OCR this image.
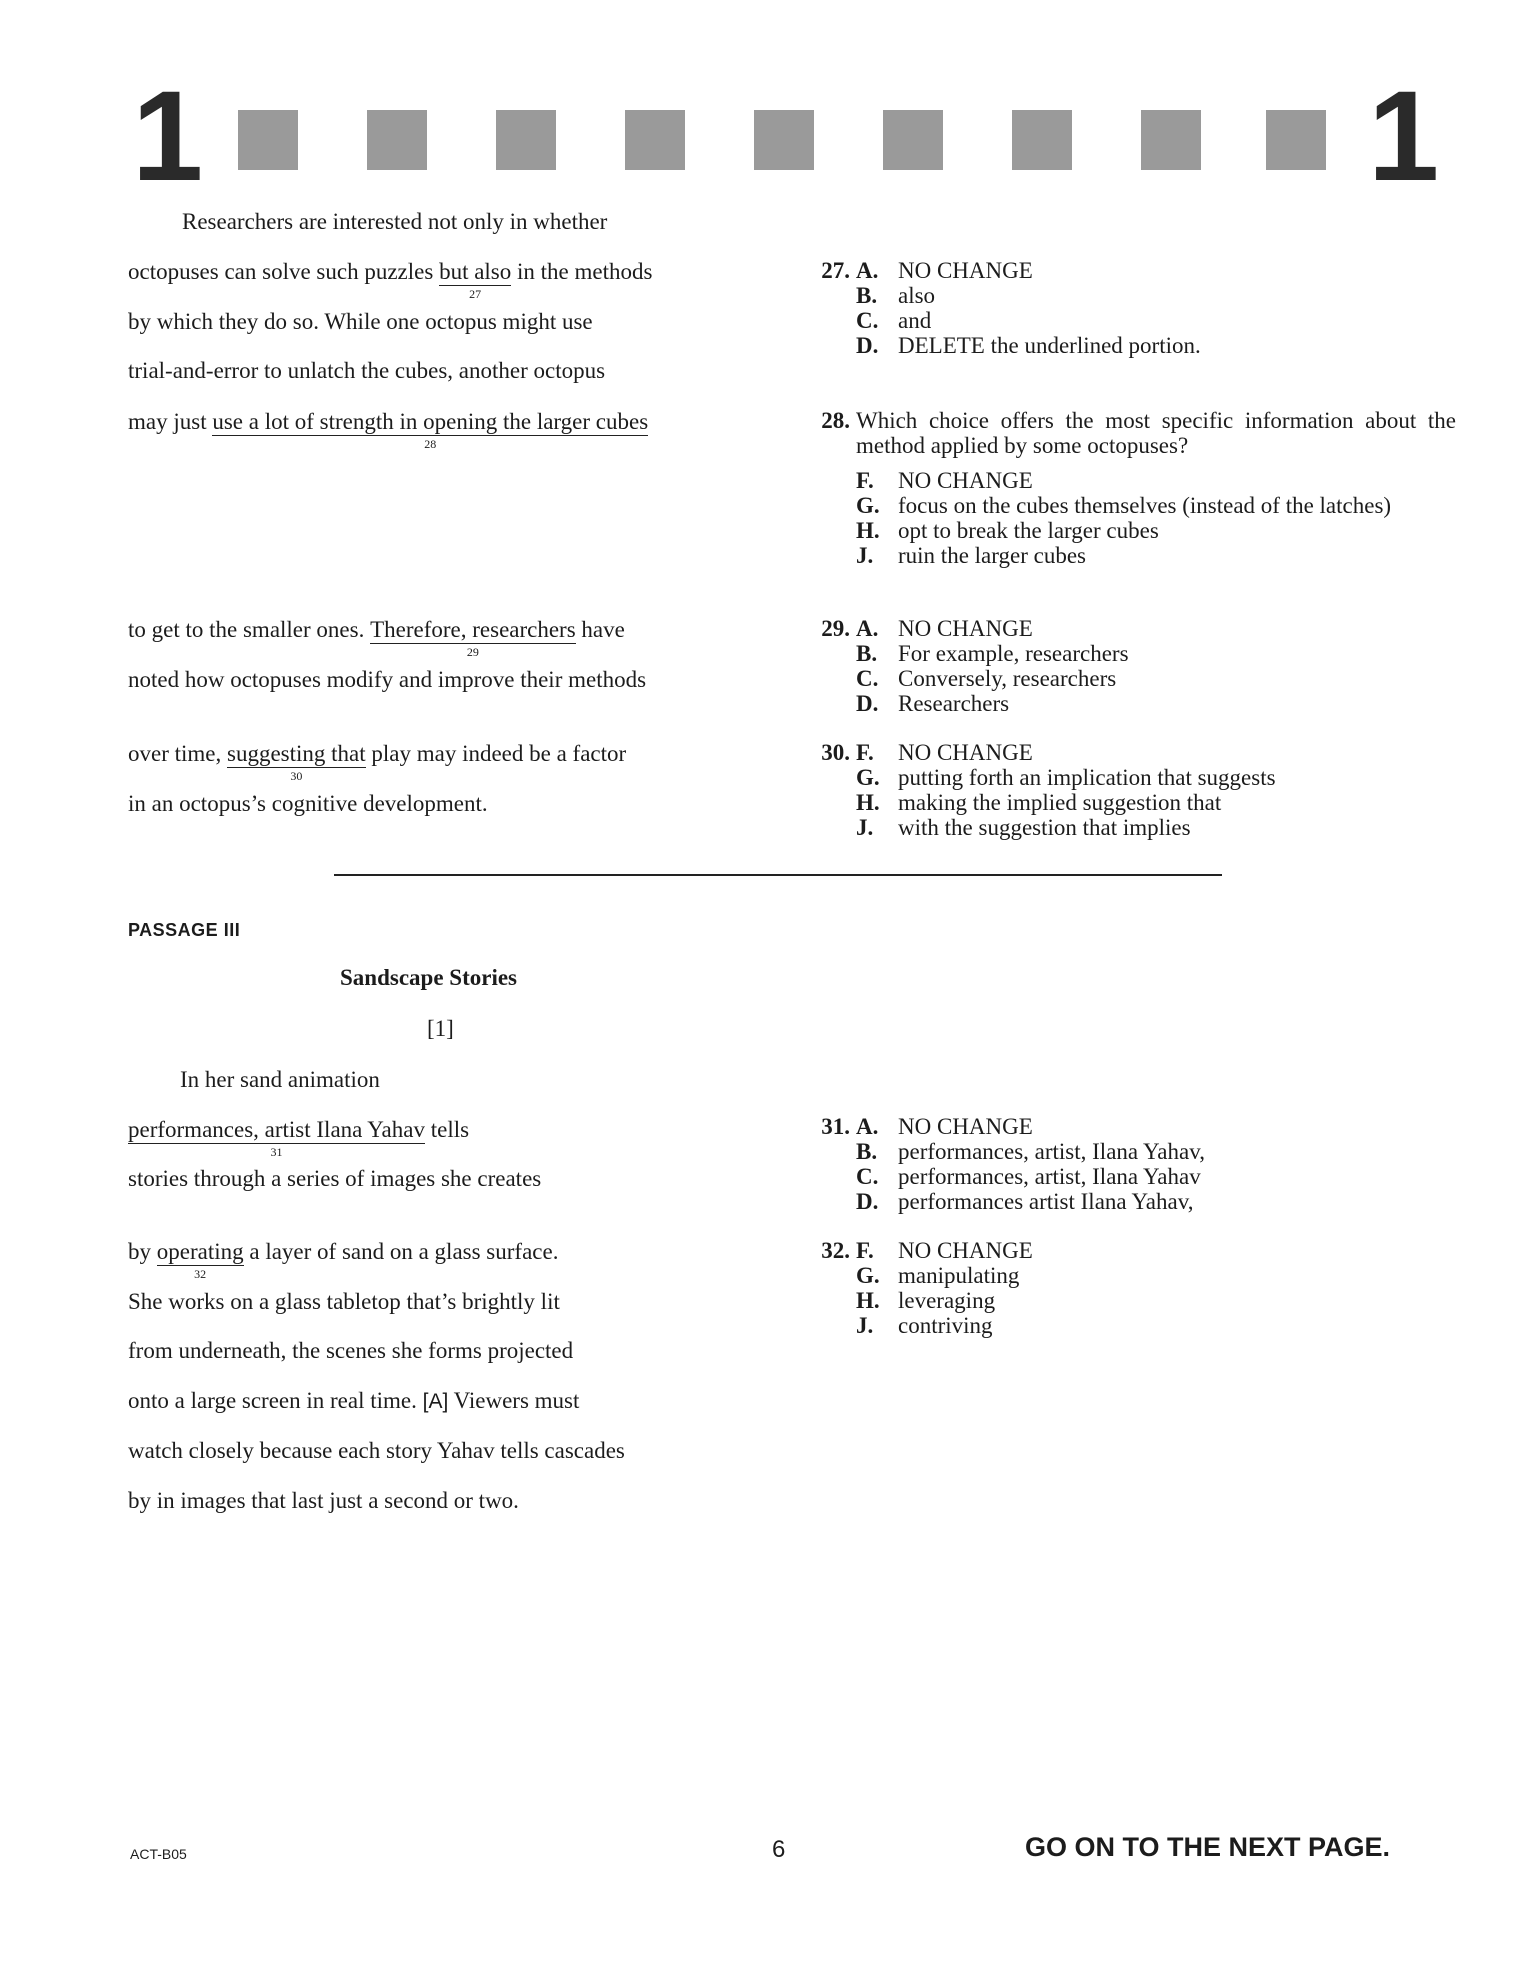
1	1
Researchers are interested not only in whether
octopuses can solve such puzzles but also
27
in the methods
by which they do so. While one octopus might use
trial-and-error to unlatch the cubes, another octopus
may just use a lot of strength in opening the larger cubes
28
to get to the smaller ones. Therefore, researchers
29
have
noted how octopuses modify and improve their methods
over time, suggesting that
30
play may indeed be a factor
in an octopus’s cognitive development.
27. A. NO CHANGE
B. also
C. and
D. DELETE the underlined portion.
28. Which choice offers the most specific information about the method applied by some octopuses?
F.	NO CHANGE
G. focus on the cubes themselves (instead of the latches)
H. opt to break the larger cubes
J.	ruin the larger cubes
29. A. NO CHANGE
B. For example, researchers
C. Conversely, researchers
D. Researchers
30. F.	NO CHANGE
G. putting forth an implication that suggests
H. making the implied suggestion that
J.	with the suggestion that implies
PASSAGE III
Sandscape Stories
[1]
In her sand animation
performances, artist Ilana Yahav
31
tells
stories through a series of images she creates
by operating
32
a layer of sand on a glass surface.
She works on a glass tabletop that’s brightly lit
from underneath, the scenes she forms projected
onto a large screen in real time. [A] Viewers must
watch closely because each story Yahav tells cascades
by in images that last just a second or two.
31. A. NO CHANGE
B. performances, artist, Ilana Yahav,
C. performances, artist, Ilana Yahav
D. performances artist Ilana Yahav,
32. F.	NO CHANGE
G. manipulating
H. leveraging
J.	contriving
ACT-B05	6	GO ON TO THE NEXT PAGE.
